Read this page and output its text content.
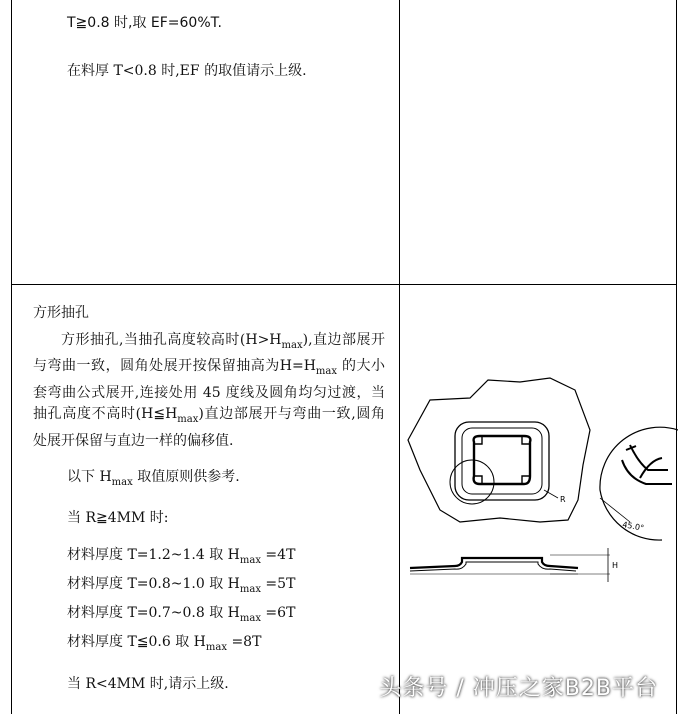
T≧0.8 时,取 EF=60%T.
在料厚 T<0.8 时,EF 的取值请示上级.
方形抽孔
方形抽孔,当抽孔高度较高时$(H>H_{max})$,直边部展开与弯曲一致，圆角处展开按保留抽高为$H=H_{max}$ 的大小套弯曲公式展开,连接处用 45 度线及圆角均匀过渡，当抽孔高度不高时$(H≦H_{max})$直边部展开与弯曲一致,圆角处展开保留与直边一样的偏移值.
以下 $H_{max}$ 取值原则供参考.
当 R≧4MM 时:
材料厚度 T=1.2~1.4 取 $H_{max} =4T$
材料厚度 T=0.8~1.0 取 $H_{max} =5T$
材料厚度 T=0.7~0.8 取 $H_{max} =6T$
材料厚度 T≦0.6 取 $H_{max} =8T$
当 R<4MM 时,请示上级.
R
45.0°
H
头条号 / 冲压之家B2B平台
